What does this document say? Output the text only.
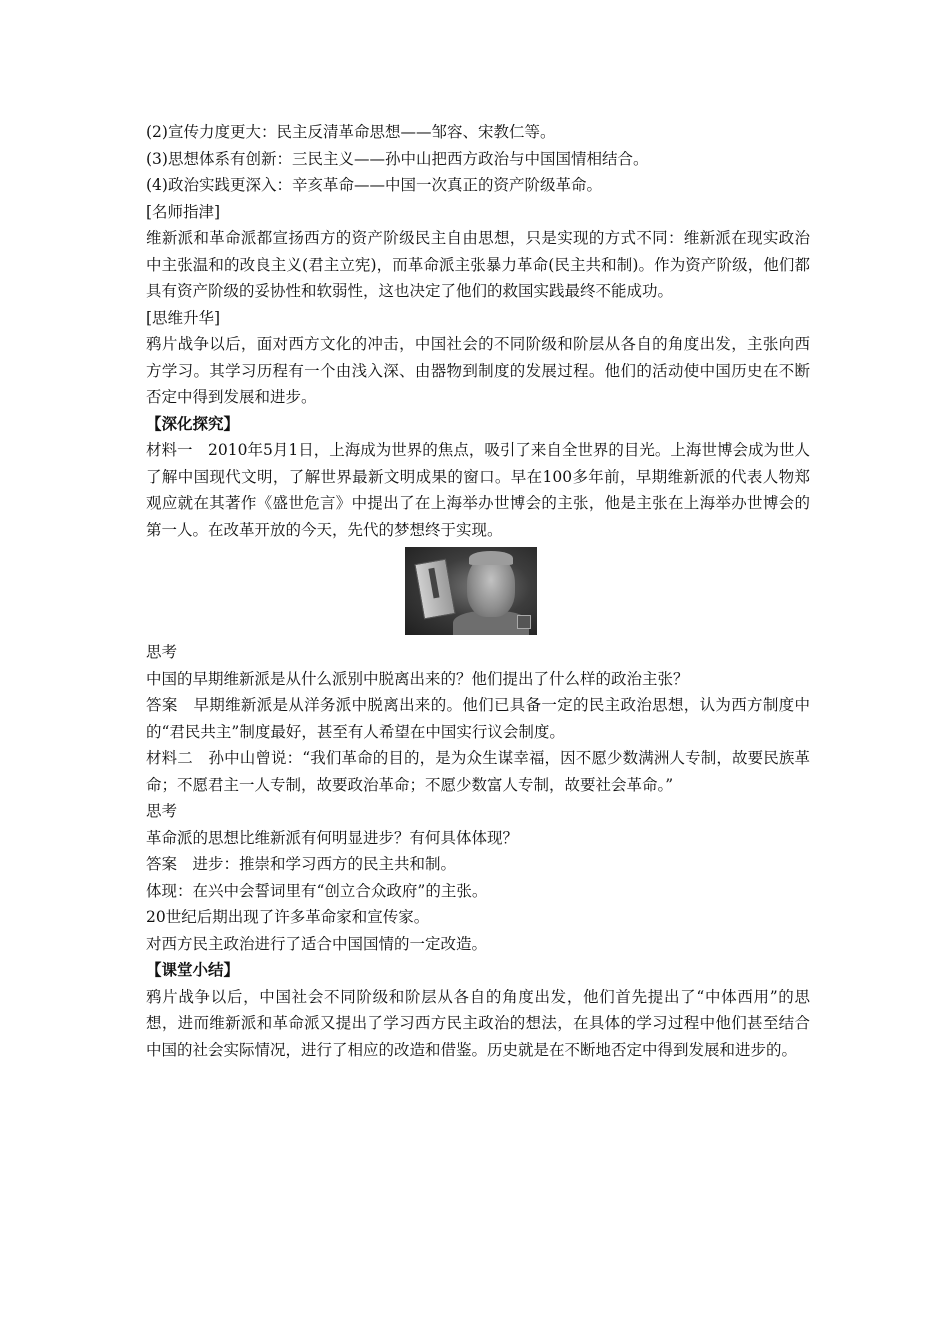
(2)宣传力度更大：民主反清革命思想——邹容、宋教仁等。
(3)思想体系有创新：三民主义——孙中山把西方政治与中国国情相结合。
(4)政治实践更深入：辛亥革命——中国一次真正的资产阶级革命。
[名师指津]
维新派和革命派都宣扬西方的资产阶级民主自由思想，只是实现的方式不同：维新派在现实政治中主张温和的改良主义(君主立宪)，而革命派主张暴力革命(民主共和制)。作为资产阶级，他们都具有资产阶级的妥协性和软弱性，这也决定了他们的救国实践最终不能成功。
[思维升华]
鸦片战争以后，面对西方文化的冲击，中国社会的不同阶级和阶层从各自的角度出发，主张向西方学习。其学习历程有一个由浅入深、由器物到制度的发展过程。他们的活动使中国历史在不断否定中得到发展和进步。
【深化探究】
材料一　2010年5月1日，上海成为世界的焦点，吸引了来自全世界的目光。上海世博会成为世人了解中国现代文明，了解世界最新文明成果的窗口。早在100多年前，早期维新派的代表人物郑观应就在其著作《盛世危言》中提出了在上海举办世博会的主张，他是主张在上海举办世博会的第一人。在改革开放的今天，先代的梦想终于实现。
思考
中国的早期维新派是从什么派别中脱离出来的？他们提出了什么样的政治主张？
答案　早期维新派是从洋务派中脱离出来的。他们已具备一定的民主政治思想，认为西方制度中的“君民共主”制度最好，甚至有人希望在中国实行议会制度。
材料二　孙中山曾说：“我们革命的目的，是为众生谋幸福，因不愿少数满洲人专制，故要民族革命；不愿君主一人专制，故要政治革命；不愿少数富人专制，故要社会革命。”
思考
革命派的思想比维新派有何明显进步？有何具体体现？
答案　进步：推崇和学习西方的民主共和制。
体现：在兴中会誓词里有“创立合众政府”的主张。
20世纪后期出现了许多革命家和宣传家。
对西方民主政治进行了适合中国国情的一定改造。
【课堂小结】
鸦片战争以后，中国社会不同阶级和阶层从各自的角度出发，他们首先提出了“中体西用”的思想，进而维新派和革命派又提出了学习西方民主政治的想法，在具体的学习过程中他们甚至结合中国的社会实际情况，进行了相应的改造和借鉴。历史就是在不断地否定中得到发展和进步的。
